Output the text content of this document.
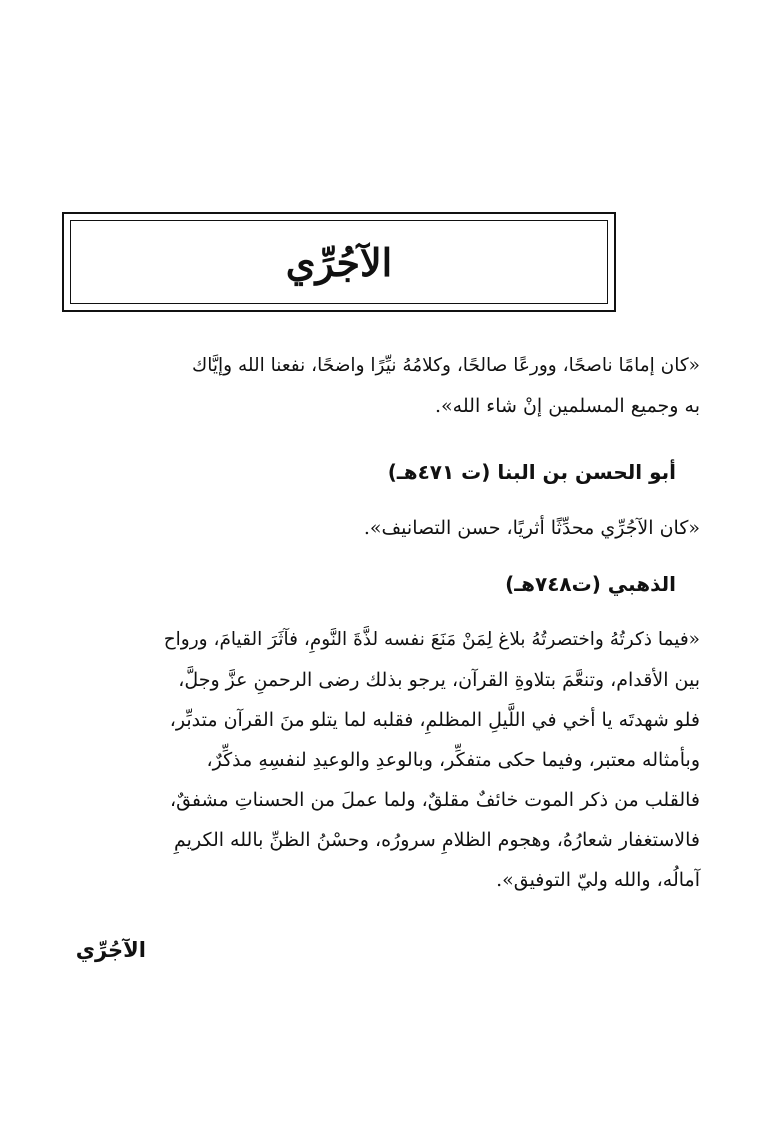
الآجُرِّي

«كان إمامًا ناصحًا، وورعًا صالحًا، وكلامُهُ نيِّرًا واضحًا، نفعنا الله وإيَّاك

به وجميع المسلمين إنْ شاء الله».

أبو الحسن بن البنا (ت ٤٧١هـ)

«كان الآجُرِّي محدِّثًا أثريًا، حسن التصانيف».

الذهبي (ت٧٤٨هـ)

«فيما ذكرتُهُ واختصرتُهُ بلاغ لِمَنْ مَنَعَ نفسه لذَّةَ النَّومِ، فآثَرَ القيامَ، ورواح

بين الأقدام، وتنعَّمَ بتلاوةِ القرآن، يرجو بذلك رضى الرحمنِ عزَّ وجلَّ،

فلو شهدتَه يا أخي في اللَّيلِ المظلمِ، فقلبه لما يتلو منَ القرآن متدبِّر،

وبأمثاله معتبر، وفيما حكى متفكِّر، وبالوعدِ والوعيدِ لنفسِهِ مذكِّرٌ،

فالقلب من ذكر الموت خائفٌ مقلقٌ، ولما عملَ من الحسناتِ مشفقٌ،

فالاستغفار شعارُهُ، وهجوم الظلامِ سرورُه، وحسْنُ الظنِّ بالله الكريمِ

آمالُه، والله وليّ التوفيق».

الآجُرِّي
